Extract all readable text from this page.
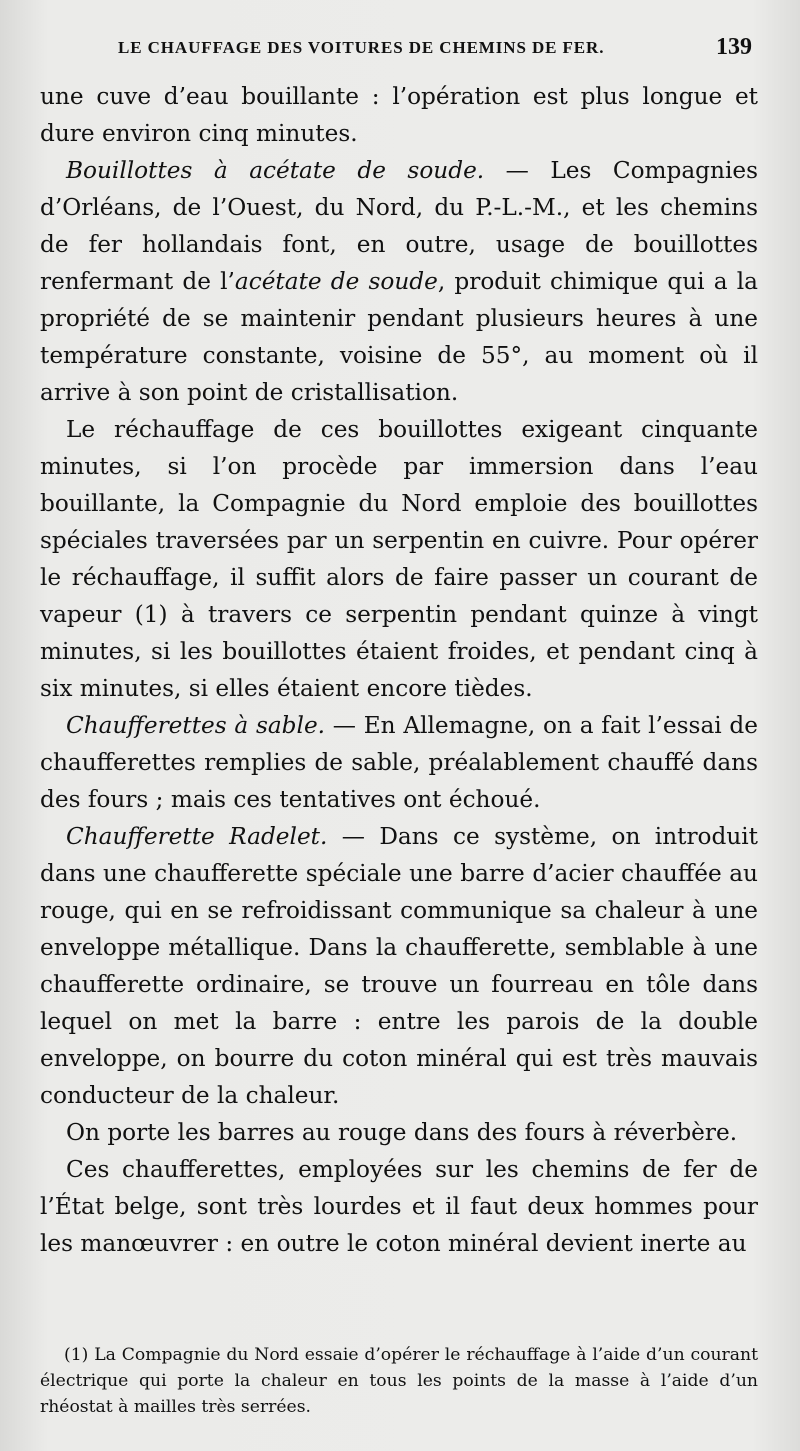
LE CHAUFFAGE DES VOITURES DE CHEMINS DE FER.	139

une cuve d’eau bouillante : l’opération est plus longue et dure environ cinq minutes.

Bouillottes à acétate de soude. — Les Compagnies d’Orléans, de l’Ouest, du Nord, du P.-L.-M., et les chemins de fer hollandais font, en outre, usage de bouillottes renfermant de l’acétate de soude, produit chimique qui a la propriété de se maintenir pendant plusieurs heures à une température constante, voisine de 55°, au moment où il arrive à son point de cristallisation.

Le réchauffage de ces bouillottes exigeant cinquante minutes, si l’on procède par immersion dans l’eau bouillante, la Compagnie du Nord emploie des bouillottes spéciales traversées par un serpentin en cuivre. Pour opérer le réchauffage, il suffit alors de faire passer un courant de vapeur (1) à travers ce serpentin pendant quinze à vingt minutes, si les bouillottes étaient froides, et pendant cinq à six minutes, si elles étaient encore tièdes.

Chaufferettes à sable. — En Allemagne, on a fait l’essai de chaufferettes remplies de sable, préalablement chauffé dans des fours ; mais ces tentatives ont échoué.

Chaufferette Radelet. — Dans ce système, on introduit dans une chaufferette spéciale une barre d’acier chauffée au rouge, qui en se refroidissant communique sa chaleur à une enveloppe métallique. Dans la chaufferette, semblable à une chaufferette ordinaire, se trouve un fourreau en tôle dans lequel on met la barre : entre les parois de la double enveloppe, on bourre du coton minéral qui est très mauvais conducteur de la chaleur.

On porte les barres au rouge dans des fours à réverbère.

Ces chaufferettes, employées sur les chemins de fer de l’État belge, sont très lourdes et il faut deux hommes pour les manœuvrer : en outre le coton minéral devient inerte au

(1) La Compagnie du Nord essaie d’opérer le réchauffage à l’aide d’un courant électrique qui porte la chaleur en tous les points de la masse à l’aide d’un rhéostat à mailles très serrées.
